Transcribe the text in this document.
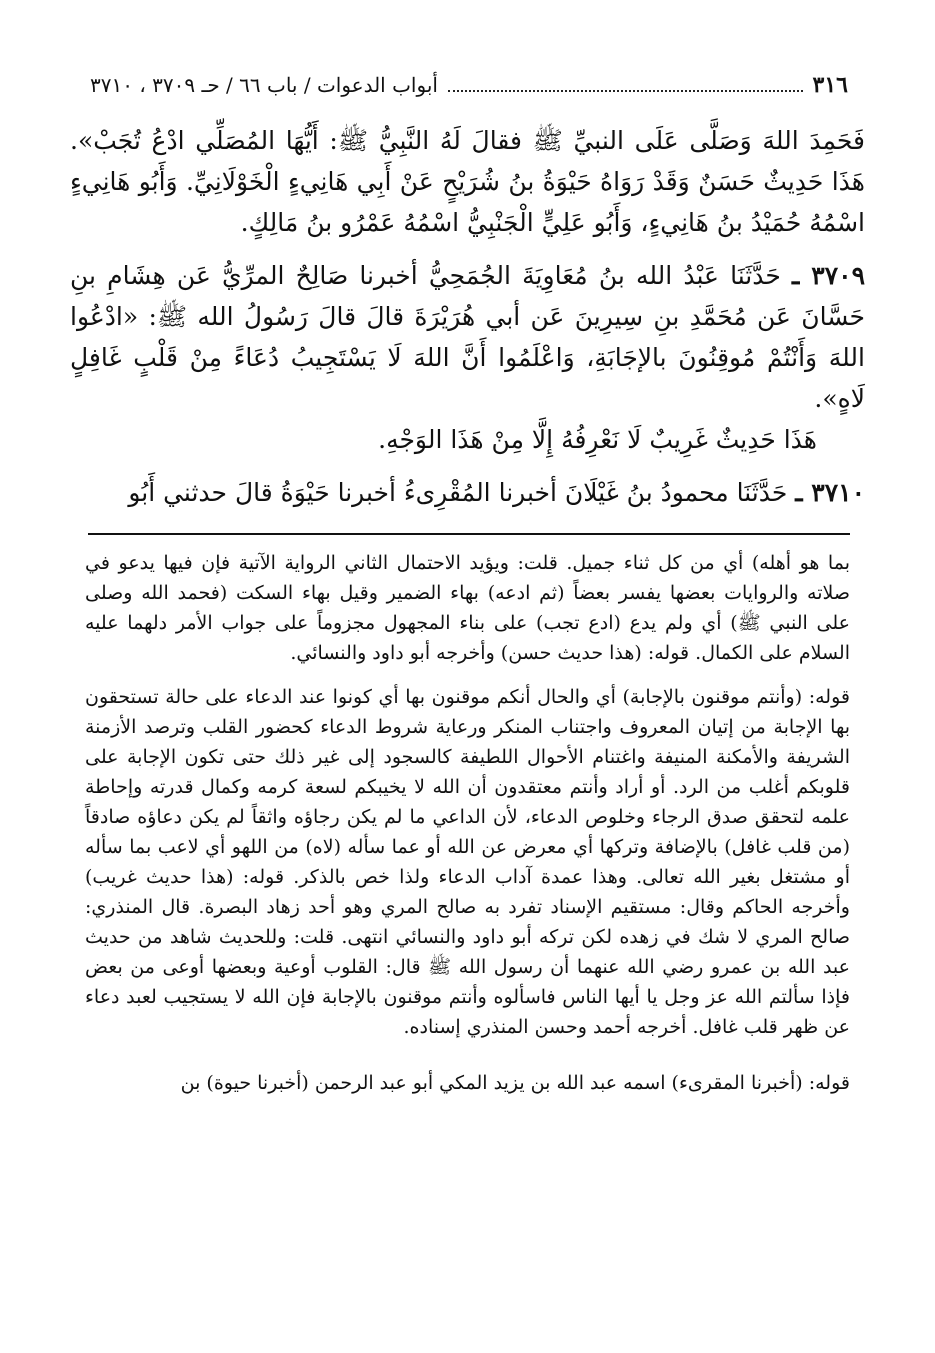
٣١٦
أبواب الدعوات / باب ٦٦ / حـ ٣٧٠٩ ، ٣٧١٠

فَحَمِدَ اللهَ وَصَلَّى عَلَى النبيِّ ﷺ فقالَ لَهُ النَّبِيُّ ﷺ: أَيُّهَا المُصَلِّي ادْعُ تُجَبْ». هَذَا حَدِيثٌ حَسَنٌ وَقَدْ رَوَاهُ حَيْوَةُ بنُ شُرَيْحٍ عَنْ أَبِي هَانِيءٍ الْخَوْلَانِيِّ. وَأَبُو هَانِيءٍ اسْمُهُ حُمَيْدُ بنُ هَانِيءٍ، وَأَبُو عَلِيٍّ الْجَنْبِيُّ اسْمُهُ عَمْرُو بنُ مَالِكٍ.

٣٧٠٩ ـ حَدَّثَنَا عَبْدُ الله بنُ مُعَاوِيَةَ الجُمَحِيُّ أخبرنا صَالِحٌ المرِّيُّ عَن هِشَامِ بنِ حَسَّانَ عَن مُحَمَّدِ بنِ سِيرِينَ عَن أبي هُرَيْرَةَ قالَ قالَ رَسُولُ الله ﷺ: «ادْعُوا اللهَ وَأَنْتُمْ مُوقِنُونَ بالإجَابَةِ، وَاعْلَمُوا أَنَّ اللهَ لَا يَسْتَجِيبُ دُعَاءً مِنْ قَلْبٍ غَافِلٍ لَاهٍ».

هَذَا حَدِيثٌ غَرِيبٌ لَا نَعْرِفُهُ إِلَّا مِنْ هَذَا الوَجْهِ.

٣٧١٠ ـ حَدَّثَنَا محمودُ بنُ غَيْلَانَ أخبرنا المُقْرِىءُ أخبرنا حَيْوَةُ قالَ حدثني أَبُو

بما هو أهله) أي من كل ثناء جميل. قلت: ويؤيد الاحتمال الثاني الرواية الآتية فإن فيها يدعو في صلاته والروايات بعضها يفسر بعضاً (ثم ادعه) بهاء الضمير وقيل بهاء السكت (فحمد الله وصلى على النبي ﷺ) أي ولم يدع (ادع تجب) على بناء المجهول مجزوماً على جواب الأمر دلهما عليه السلام على الكمال. قوله: (هذا حديث حسن) وأخرجه أبو داود والنسائي.

قوله: (وأنتم موقنون بالإجابة) أي والحال أنكم موقنون بها أي كونوا عند الدعاء على حالة تستحقون بها الإجابة من إتيان المعروف واجتناب المنكر ورعاية شروط الدعاء كحضور القلب وترصد الأزمنة الشريفة والأمكنة المنيفة واغتنام الأحوال اللطيفة كالسجود إلى غير ذلك حتى تكون الإجابة على قلوبكم أغلب من الرد. أو أراد وأنتم معتقدون أن الله لا يخيبكم لسعة كرمه وكمال قدرته وإحاطة علمه لتحقق صدق الرجاء وخلوص الدعاء، لأن الداعي ما لم يكن رجاؤه واثقاً لم يكن دعاؤه صادقاً (من قلب غافل) بالإضافة وتركها أي معرض عن الله أو عما سأله (لاه) من اللهو أي لاعب بما سأله أو مشتغل بغير الله تعالى. وهذا عمدة آداب الدعاء ولذا خص بالذكر. قوله: (هذا حديث غريب) وأخرجه الحاكم وقال: مستقيم الإسناد تفرد به صالح المري وهو أحد زهاد البصرة. قال المنذري: صالح المري لا شك في زهده لكن تركه أبو داود والنسائي انتهى. قلت: وللحديث شاهد من حديث عبد الله بن عمرو رضي الله عنهما أن رسول الله ﷺ قال: القلوب أوعية وبعضها أوعى من بعض فإذا سألتم الله عز وجل يا أيها الناس فاسألوه وأنتم موقنون بالإجابة فإن الله لا يستجيب لعبد دعاء عن ظهر قلب غافل. أخرجه أحمد وحسن المنذري إسناده.

قوله: (أخبرنا المقرىء) اسمه عبد الله بن يزيد المكي أبو عبد الرحمن (أخبرنا حيوة) بن
